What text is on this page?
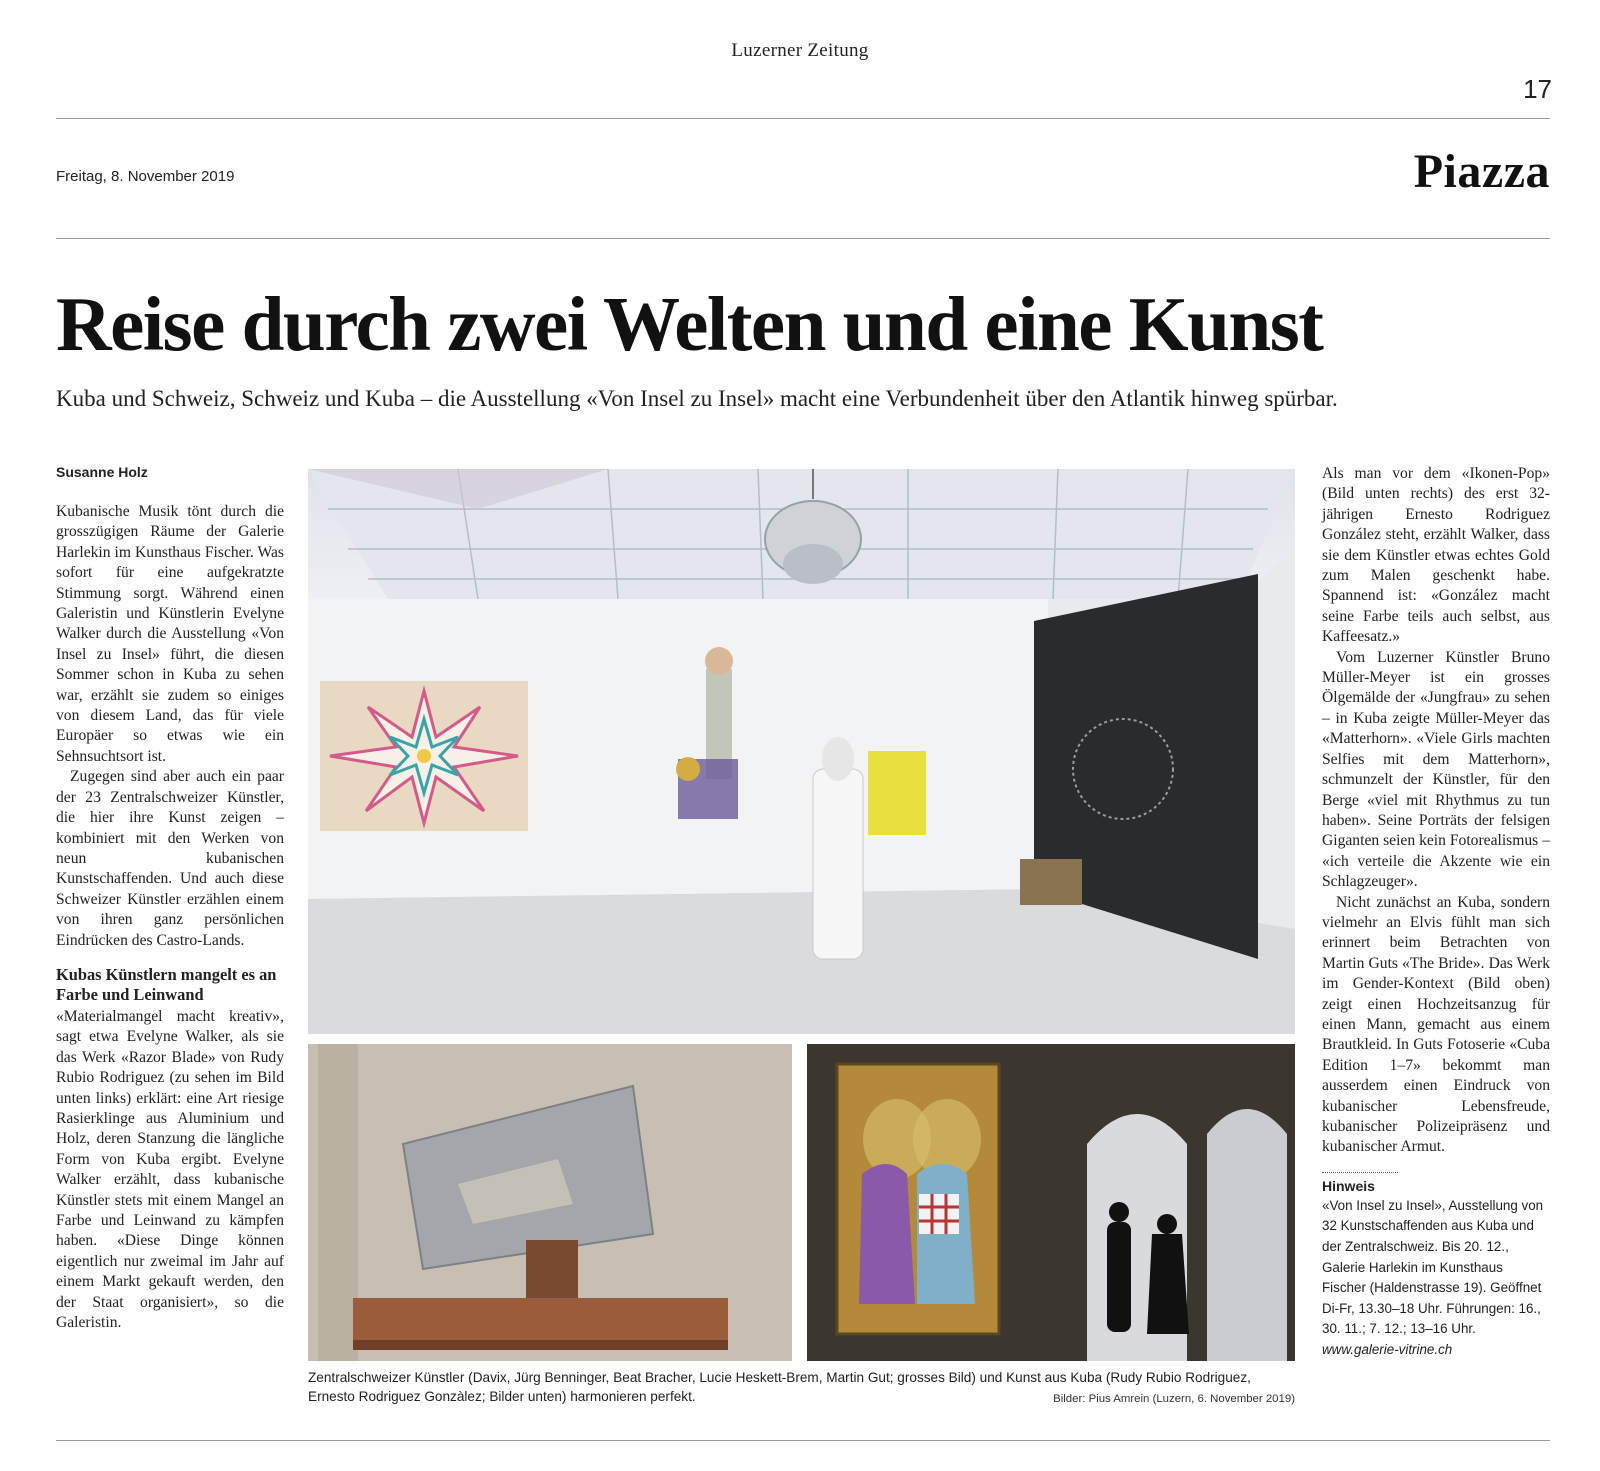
Luzerner Zeitung
17
Freitag, 8. November 2019	Piazza
Reise durch zwei Welten und eine Kunst
Kuba und Schweiz, Schweiz und Kuba – die Ausstellung «Von Insel zu Insel» macht eine Verbundenheit über den Atlantik hinweg spürbar.
Susanne Holz

Kubanische Musik tönt durch die grosszügigen Räume der Galerie Harlekin im Kunsthaus Fischer. Was sofort für eine aufgekratzte Stimmung sorgt. Während einen Galeristin und Künstlerin Evelyne Walker durch die Ausstellung «Von Insel zu Insel» führt, die diesen Sommer schon in Kuba zu sehen war, erzählt sie zudem so einiges von diesem Land, das für viele Europäer so etwas wie ein Sehnsuchtsort ist.

Zugegen sind aber auch ein paar der 23 Zentralschweizer Künstler, die hier ihre Kunst zeigen – kombiniert mit den Werken von neun kubanischen Kunstschaffenden. Und auch diese Schweizer Künstler erzählen einem von ihren ganz persönlichen Eindrücken des Castro-Lands.

Kubas Künstlern mangelt es an Farbe und Leinwand

«Materialmangel macht kreativ», sagt etwa Evelyne Walker, als sie das Werk «Razor Blade» von Rudy Rubio Rodriguez (zu sehen im Bild unten links) erklärt: eine Art riesige Rasierklinge aus Aluminium und Holz, deren Stanzung die längliche Form von Kuba ergibt. Evelyne Walker erzählt, dass kubanische Künstler stets mit einem Mangel an Farbe und Leinwand zu kämpfen haben. «Diese Dinge können eigentlich nur zweimal im Jahr auf einem Markt gekauft werden, den der Staat organisiert», so die Galeristin.

Zentralschweizer Künstler (Davix, Jürg Benninger, Beat Bracher, Lucie Heskett-Brem, Martin Gut; grosses Bild) und Kunst aus Kuba (Rudy Rubio Rodriguez, Ernesto Rodriguez Gonzàlez; Bilder unten) harmonieren perfekt.	Bilder: Pius Amrein (Luzern, 6. November 2019)

Als man vor dem «Ikonen-Pop» (Bild unten rechts) des erst 32-jährigen Ernesto Rodriguez González steht, erzählt Walker, dass sie dem Künstler etwas echtes Gold zum Malen geschenkt habe. Spannend ist: «González macht seine Farbe teils auch selbst, aus Kaffeesatz.»

Vom Luzerner Künstler Bruno Müller-Meyer ist ein grosses Ölgemälde der «Jungfrau» zu sehen – in Kuba zeigte Müller-Meyer das «Matterhorn». «Viele Girls machten Selfies mit dem Matterhorn», schmunzelt der Künstler, für den Berge «viel mit Rhythmus zu tun haben». Seine Porträts der felsigen Giganten seien kein Fotorealismus – «ich verteile die Akzente wie ein Schlagzeuger».

Nicht zunächst an Kuba, sondern vielmehr an Elvis fühlt man sich erinnert beim Betrachten von Martin Guts «The Bride». Das Werk im Gender-Kontext (Bild oben) zeigt einen Hochzeitsanzug für einen Mann, gemacht aus einem Brautkleid. In Guts Fotoserie «Cuba Edition 1–7» bekommt man ausserdem einen Eindruck von kubanischer Lebensfreude, kubanischer Polizeipräsenz und kubanischer Armut.

Hinweis
«Von Insel zu Insel», Ausstellung von 32 Kunstschaffenden aus Kuba und der Zentralschweiz. Bis 20. 12., Galerie Harlekin im Kunsthaus Fischer (Haldenstrasse 19). Geöffnet Di-Fr, 13.30–18 Uhr. Führungen: 16., 30. 11.; 7. 12.; 13–16 Uhr. www.galerie-vitrine.ch
